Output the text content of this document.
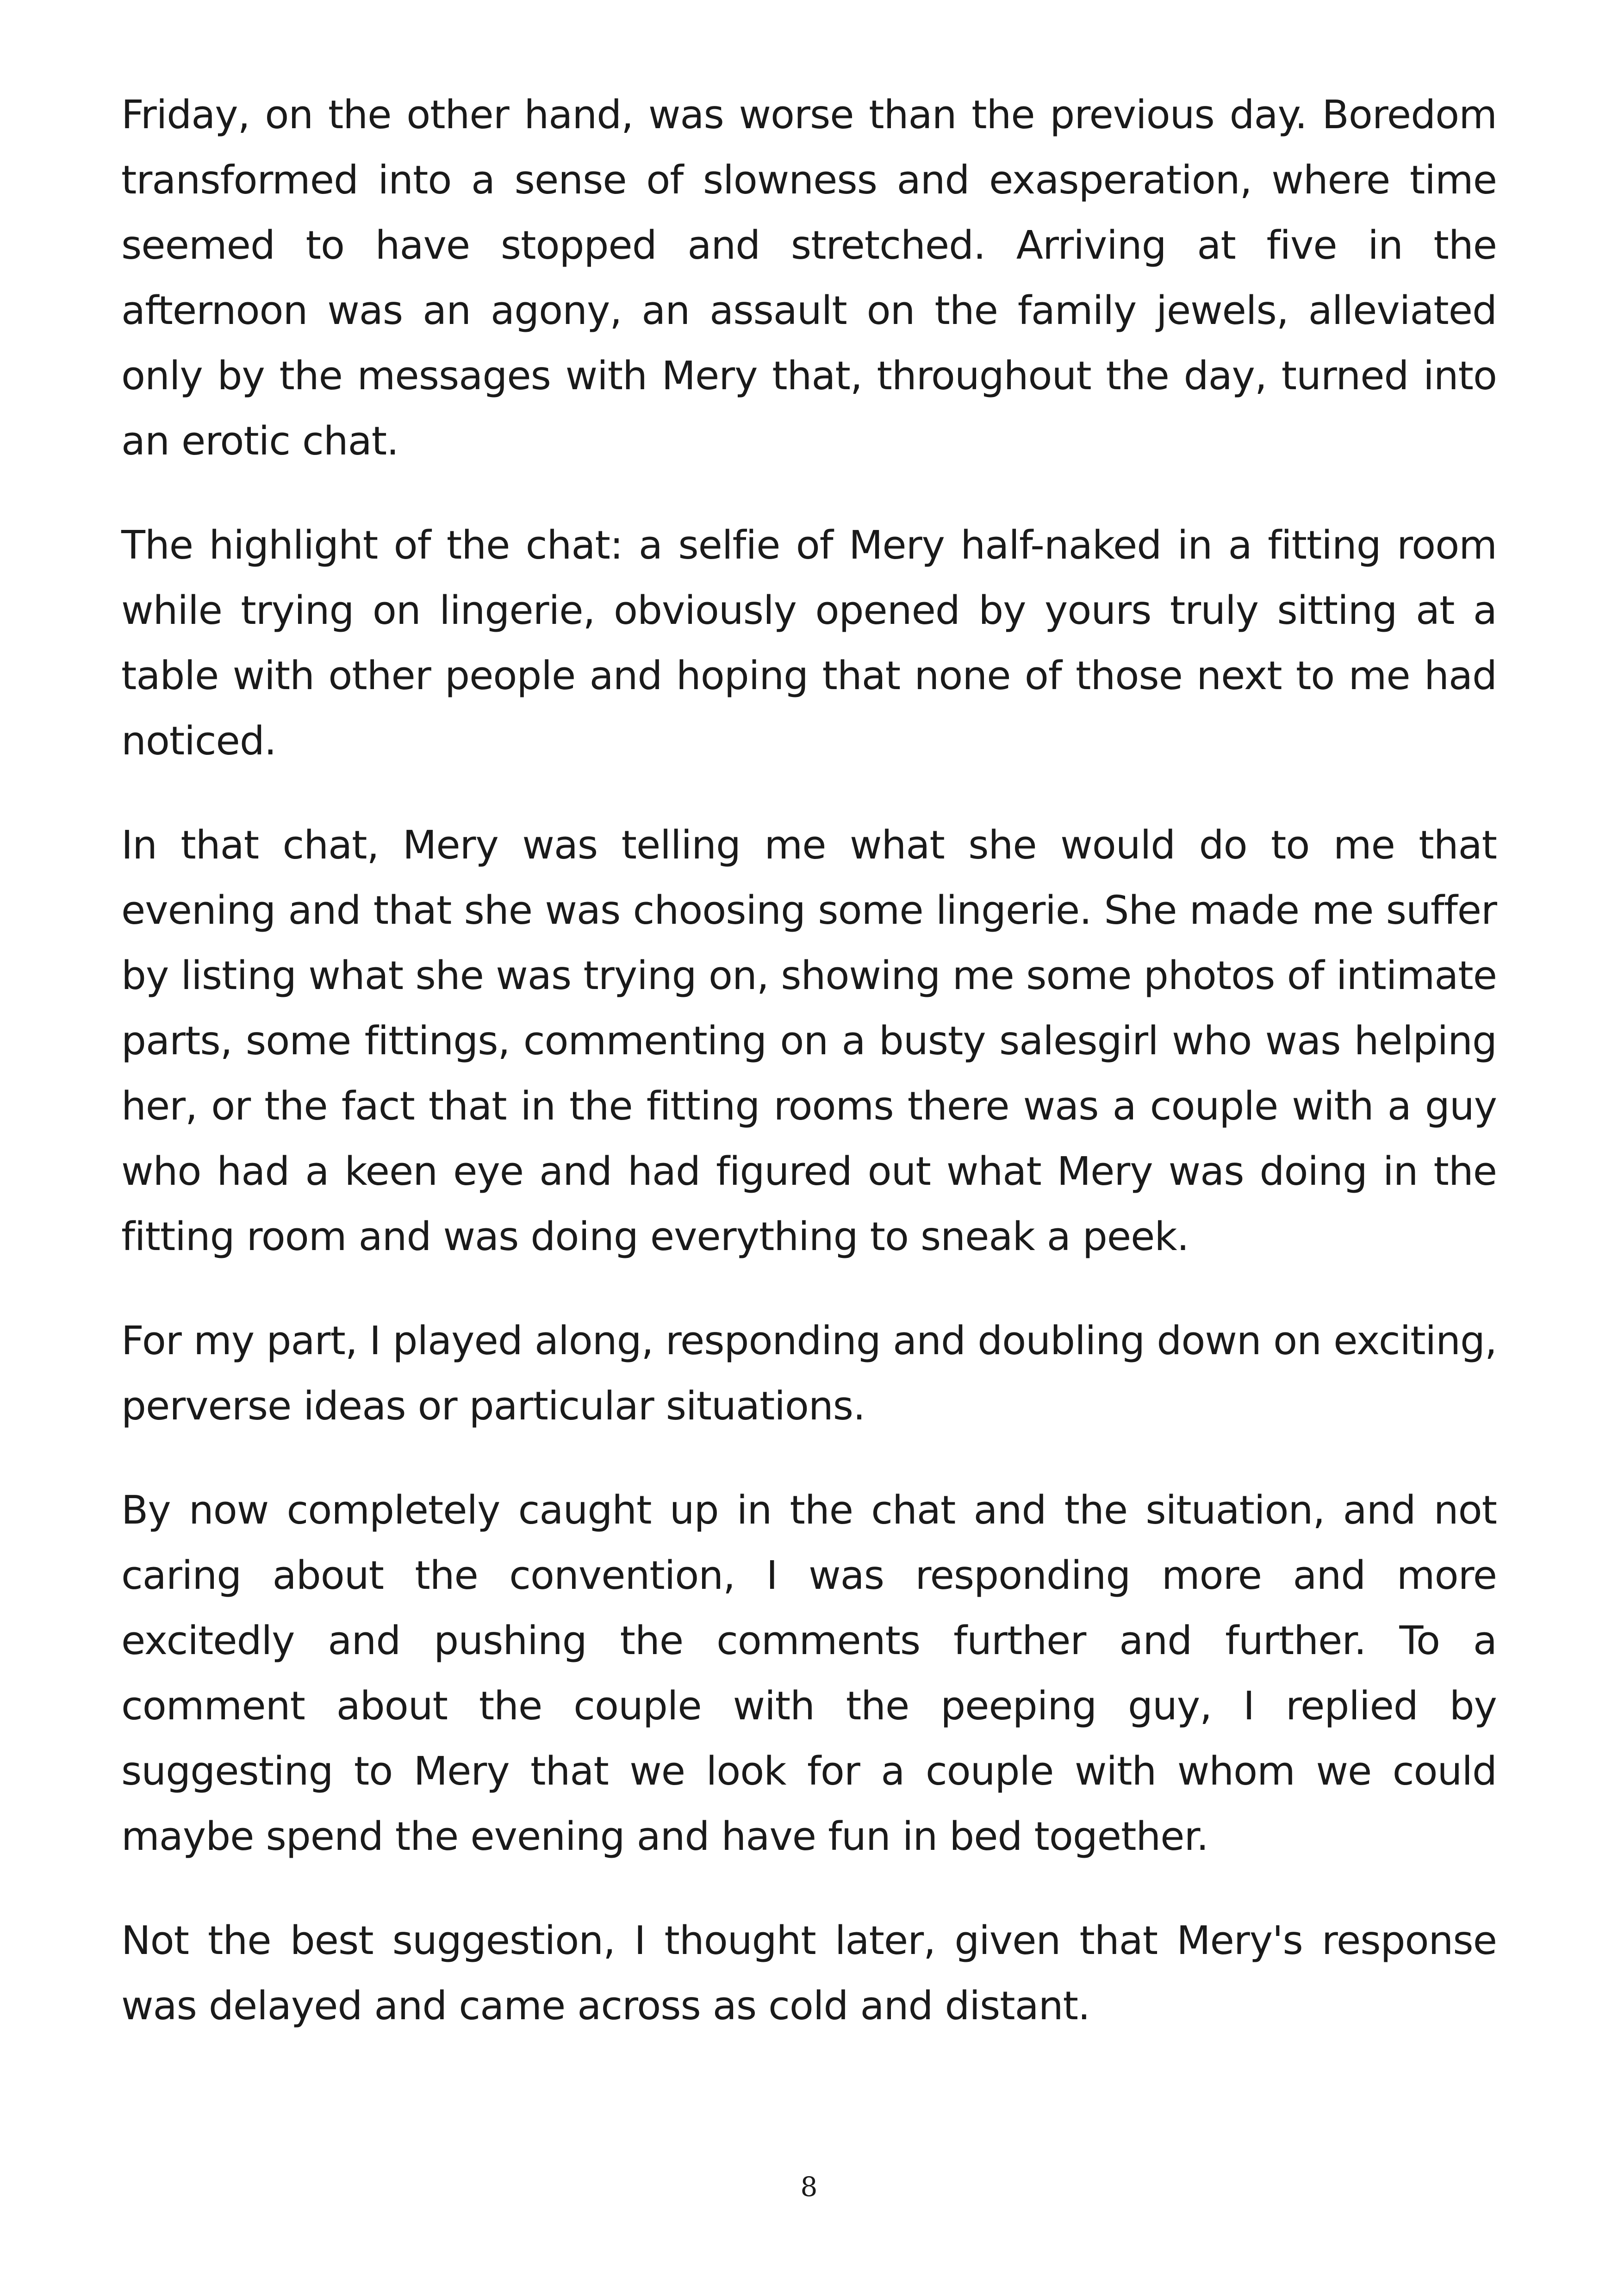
Friday, on the other hand, was worse than the previous day. Boredom transformed into a sense of slowness and exasperation, where time seemed to have stopped and stretched. Arriving at five in the afternoon was an agony, an assault on the family jewels, alleviated only by the messages with Mery that, throughout the day, turned into an erotic chat.

The highlight of the chat: a selfie of Mery half-naked in a fitting room while trying on lingerie, obviously opened by yours truly sitting at a table with other people and hoping that none of those next to me had noticed.

In that chat, Mery was telling me what she would do to me that evening and that she was choosing some lingerie. She made me suffer by listing what she was trying on, showing me some photos of intimate parts, some fittings, commenting on a busty salesgirl who was helping her, or the fact that in the fitting rooms there was a couple with a guy who had a keen eye and had figured out what Mery was doing in the fitting room and was doing everything to sneak a peek.

For my part, I played along, responding and doubling down on exciting, perverse ideas or particular situations.

By now completely caught up in the chat and the situation, and not caring about the convention, I was responding more and more excitedly and pushing the comments further and further. To a comment about the couple with the peeping guy, I replied by suggesting to Mery that we look for a couple with whom we could maybe spend the evening and have fun in bed together.

Not the best suggestion, I thought later, given that Mery's response was delayed and came across as cold and distant.

8
